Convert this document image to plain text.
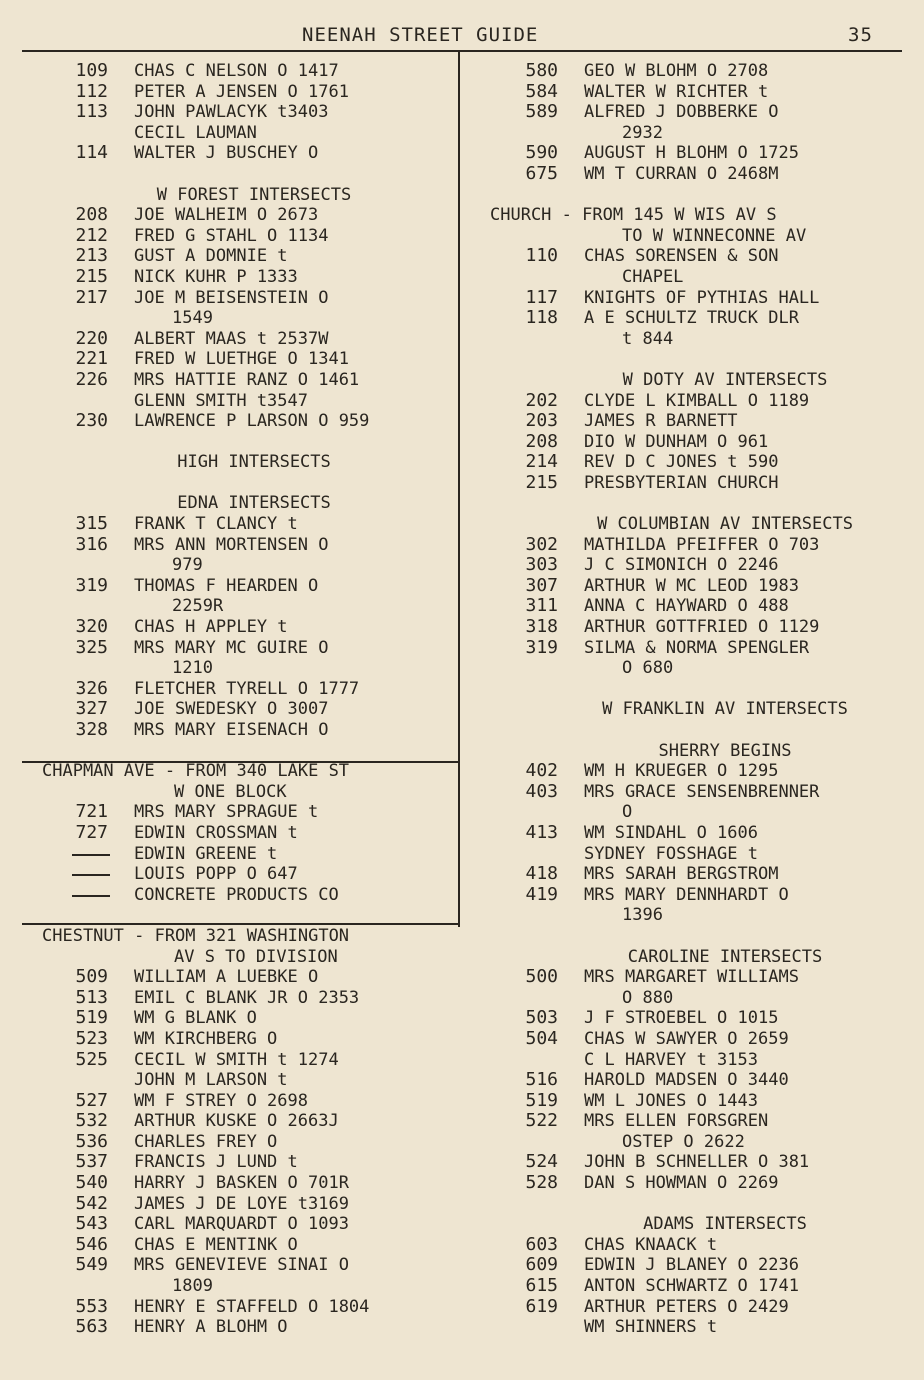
NEENAH STREET GUIDE	35
109 CHAS C NELSON O 1417
112 PETER A JENSEN O 1761
113 JOHN PAWLACYK t3403
CECIL LAUMAN
114 WALTER J BUSCHEY O
W FOREST INTERSECTS
208 JOE WALHEIM O 2673
212 FRED G STAHL O 1134
213 GUST A DOMNIE t
215 NICK KUHR P 1333
217 JOE M BEISENSTEIN O
1549
220 ALBERT MAAS t 2537W
221 FRED W LUETHGE O 1341
226 MRS HATTIE RANZ O 1461
GLENN SMITH t3547
230 LAWRENCE P LARSON O 959
HIGH INTERSECTS
EDNA INTERSECTS
315 FRANK T CLANCY t
316 MRS ANN MORTENSEN O
979
319 THOMAS F HEARDEN O
2259R
320 CHAS H APPLEY t
325 MRS MARY MC GUIRE O
1210
326 FLETCHER TYRELL O 1777
327 JOE SWEDESKY O 3007
328 MRS MARY EISENACH O
CHAPMAN AVE - FROM 340 LAKE ST
W ONE BLOCK
721 MRS MARY SPRAGUE t
727 EDWIN CROSSMAN t
EDWIN GREENE t
LOUIS POPP O 647
CONCRETE PRODUCTS CO
CHESTNUT - FROM 321 WASHINGTON
AV S TO DIVISION
509 WILLIAM A LUEBKE O
513 EMIL C BLANK JR O 2353
519 WM G BLANK O
523 WM KIRCHBERG O
525 CECIL W SMITH t 1274
JOHN M LARSON t
527 WM F STREY O 2698
532 ARTHUR KUSKE O 2663J
536 CHARLES FREY O
537 FRANCIS J LUND t
540 HARRY J BASKEN O 701R
542 JAMES J DE LOYE t3169
543 CARL MARQUARDT O 1093
546 CHAS E MENTINK O
549 MRS GENEVIEVE SINAI O
1809
553 HENRY E STAFFELD O 1804
563 HENRY A BLOHM O
580 GEO W BLOHM O 2708
584 WALTER W RICHTER t
589 ALFRED J DOBBERKE O
2932
590 AUGUST H BLOHM O 1725
675 WM T CURRAN O 2468M
CHURCH - FROM 145 W WIS AV S
TO W WINNECONNE AV
110 CHAS SORENSEN & SON
CHAPEL
117 KNIGHTS OF PYTHIAS HALL
118 A E SCHULTZ TRUCK DLR
t 844
W DOTY AV INTERSECTS
202 CLYDE L KIMBALL O 1189
203 JAMES R BARNETT
208 DIO W DUNHAM O 961
214 REV D C JONES t 590
215 PRESBYTERIAN CHURCH
W COLUMBIAN AV INTERSECTS
302 MATHILDA PFEIFFER O 703
303 J C SIMONICH O 2246
307 ARTHUR W MC LEOD 1983
311 ANNA C HAYWARD O 488
318 ARTHUR GOTTFRIED O 1129
319 SILMA & NORMA SPENGLER
O 680
W FRANKLIN AV INTERSECTS
SHERRY BEGINS
402 WM H KRUEGER O 1295
403 MRS GRACE SENSENBRENNER
O
413 WM SINDAHL O 1606
SYDNEY FOSSHAGE t
418 MRS SARAH BERGSTROM
419 MRS MARY DENNHARDT O
1396
CAROLINE INTERSECTS
500 MRS MARGARET WILLIAMS
O 880
503 J F STROEBEL O 1015
504 CHAS W SAWYER O 2659
C L HARVEY t 3153
516 HAROLD MADSEN O 3440
519 WM L JONES O 1443
522 MRS ELLEN FORSGREN
OSTEP O 2622
524 JOHN B SCHNELLER O 381
528 DAN S HOWMAN O 2269
ADAMS INTERSECTS
603 CHAS KNAACK t
609 EDWIN J BLANEY O 2236
615 ANTON SCHWARTZ O 1741
619 ARTHUR PETERS O 2429
WM SHINNERS t
